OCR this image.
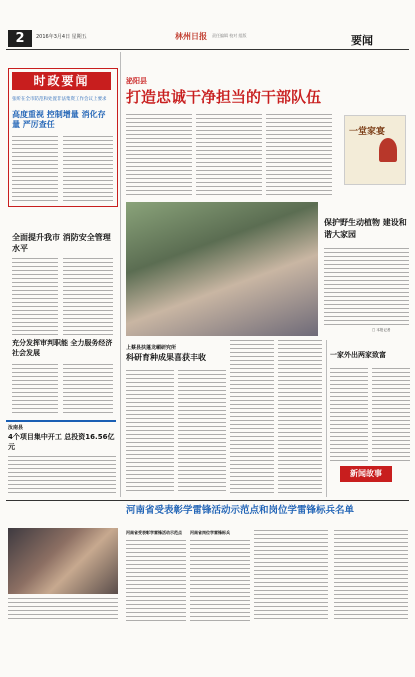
2	2016年3月4日 星期五	林州日报 责任编辑 校对 组版	要闻
时政要闻
张昕在全市防范和处置非法集资工作会议上要求
高度重视 控制增量 消化存量 严厉查任
全面提升我市 消防安全管理水平
充分发挥审判职能 全力服务经济社会发展
汝南县
4个项目集中开工 总投资16.56亿元
泌阳县
打造忠诚干净担当的干部队伍
一堂家宴
保护野生动植物 建设和谐大家园
□ 本报记者
上蔡县扶蓬龙嵋研究所
科研育种成果喜获丰收	一家外出两家致富
新闻故事
河南省受表彰学雷锋活动示范点和岗位学雷锋标兵名单
河南省受表彰学雷锋活动示范点	河南省岗位学雷锋标兵
